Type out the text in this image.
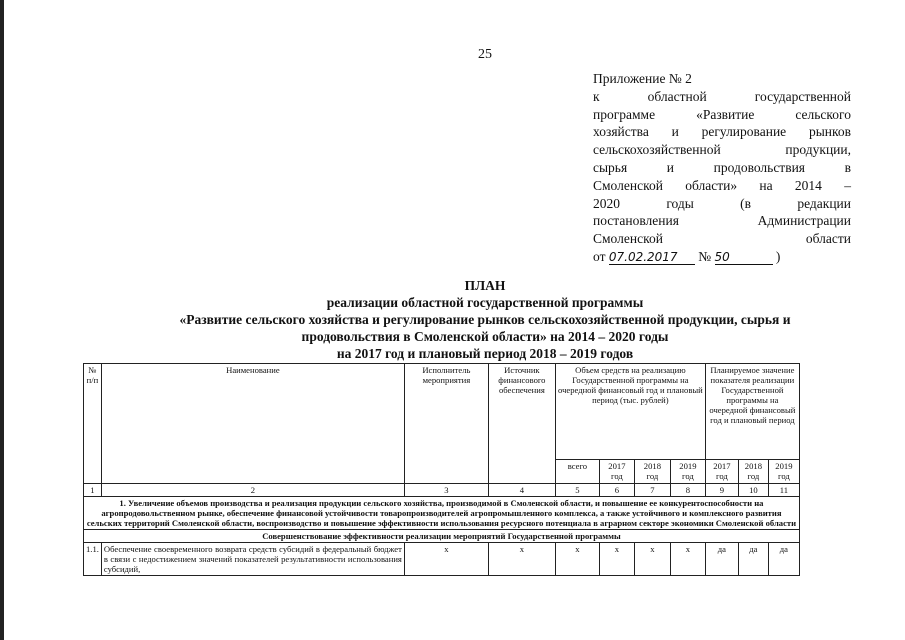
25
Приложение № 2
к областной государственной
программе «Развитие сельского
хозяйства и регулирование рынков
сельскохозяйственной продукции,
сырья и продовольствия в
Смоленской области» на 2014 –
2020 годы (в редакции
постановления Администрации
Смоленской области
от 07.02.2017 № 50	)
ПЛАН
реализации областной государственной программы
«Развитие сельского хозяйства и регулирование рынков сельскохозяйственной продукции, сырья и
продовольствия в Смоленской области» на 2014 – 2020 годы
на 2017 год и плановый период 2018 – 2019 годов
№ п/п	Наименование	Исполнитель мероприятия	Источник финансового обеспечения	Объем средств на реализацию Государственной программы на очередной финансовый год и плановый период (тыс. рублей)				Планируемое значение показателя реализации Государственной программы на очередной финансовый год и плановый период		
				всего	2017 год	2018 год	2019 год	2017 год	2018 год	2019 год
1	2	3	4	5	6	7	8	9	10	11
1. Увеличение объемов производства и реализация продукции сельского хозяйства, производимой в Смоленской области, и повышение ее конкурентоспособности на агропродовольственном рынке, обеспечение финансовой устойчивости товаропроизводителей агропромышленного комплекса, а также устойчивого и комплексного развития сельских территорий Смоленской области, воспроизводство и повышение эффективности использования ресурсного потенциала в аграрном секторе экономики Смоленской области										
Совершенствование эффективности реализации мероприятий Государственной программы										
1.1.	Обеспечение своевременного возврата средств субсидий в федеральный бюджет в связи с недостижением значений показателей результативности использования субсидий,	х	х	х	х	х	х	да	да	да
